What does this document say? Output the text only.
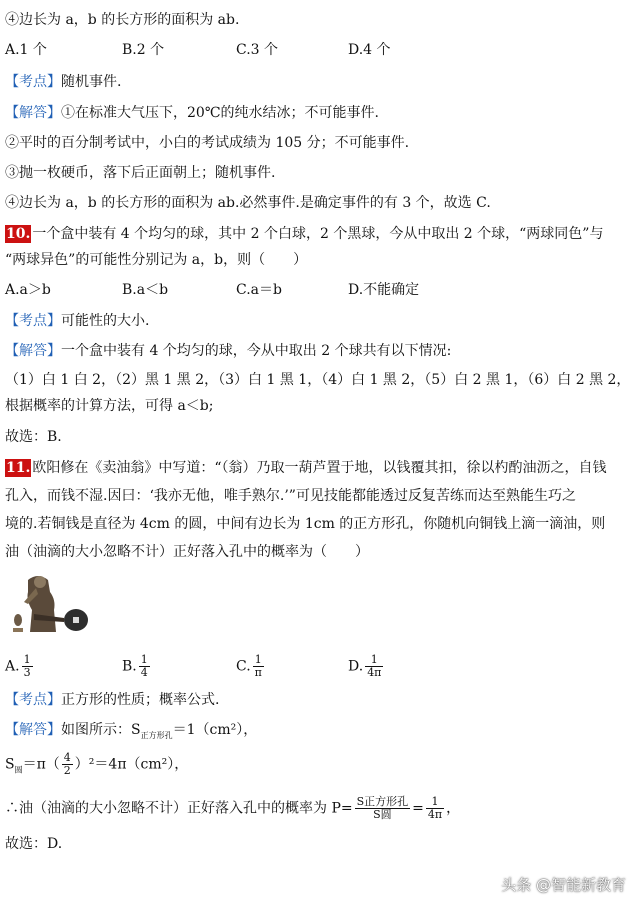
④边长为 a，b 的长方形的面积为 ab.
A.1 个	B.2 个	C.3 个	D.4 个
【考点】随机事件.
【解答】①在标准大气压下，20℃的纯水结冰；不可能事件.
②平时的百分制考试中，小白的考试成绩为 105 分；不可能事件.
③抛一枚硬币，落下后正面朝上；随机事件.
④边长为 a，b 的长方形的面积为 ab.必然事件.是确定事件的有 3 个，故选 C.
10. 一个盒中装有 4 个均匀的球，其中 2 个白球，2 个黑球，今从中取出 2 个球，“两球同色”与
“两球异色”的可能性分别记为 a，b，则（　　）
A.a＞b	B.a＜b	C.a＝b	D.不能确定
【考点】可能性的大小.
【解答】一个盒中装有 4 个均匀的球，今从中取出 2 个球共有以下情况:
（1）白 1 白 2，（2）黑 1 黑 2，（3）白 1 黑 1，（4）白 1 黑 2，（5）白 2 黑 1，（6）白 2 黑 2，
根据概率的计算方法，可得 a＜b;
故选：B.
11. 欧阳修在《卖油翁》中写道：“（翁）乃取一葫芦置于地，以钱覆其扣，徐以杓酌油沥之，自钱
孔入，而钱不湿.因曰：‘我亦无他，唯手熟尔.’”可见技能都能透过反复苦练而达至熟能生巧之
境的.若铜钱是直径为 4cm 的圆，中间有边长为 1cm 的正方形孔，你随机向铜钱上滴一滴油，则
油（油滴的大小忽略不计）正好落入孔中的概率为（　　）
A. $\frac{1}{3}$	B. $\frac{1}{4}$	C. $\frac{1}{\pi}$	D. $\frac{1}{4\pi}$
【考点】正方形的性质；概率公式.
【解答】如图所示：$S_{正方形孔}=1(cm^2)$，
$S_圆=\pi( \frac{4}{2} )^2=4\pi(cm^2)$，
∴油（油滴的大小忽略不计）正好落入孔中的概率为 $P= \frac{\text{S正方形孔}}{\text{S圆}} = \frac{1}{4\pi}$ ，
故选：D.
头条 @智能新教育
